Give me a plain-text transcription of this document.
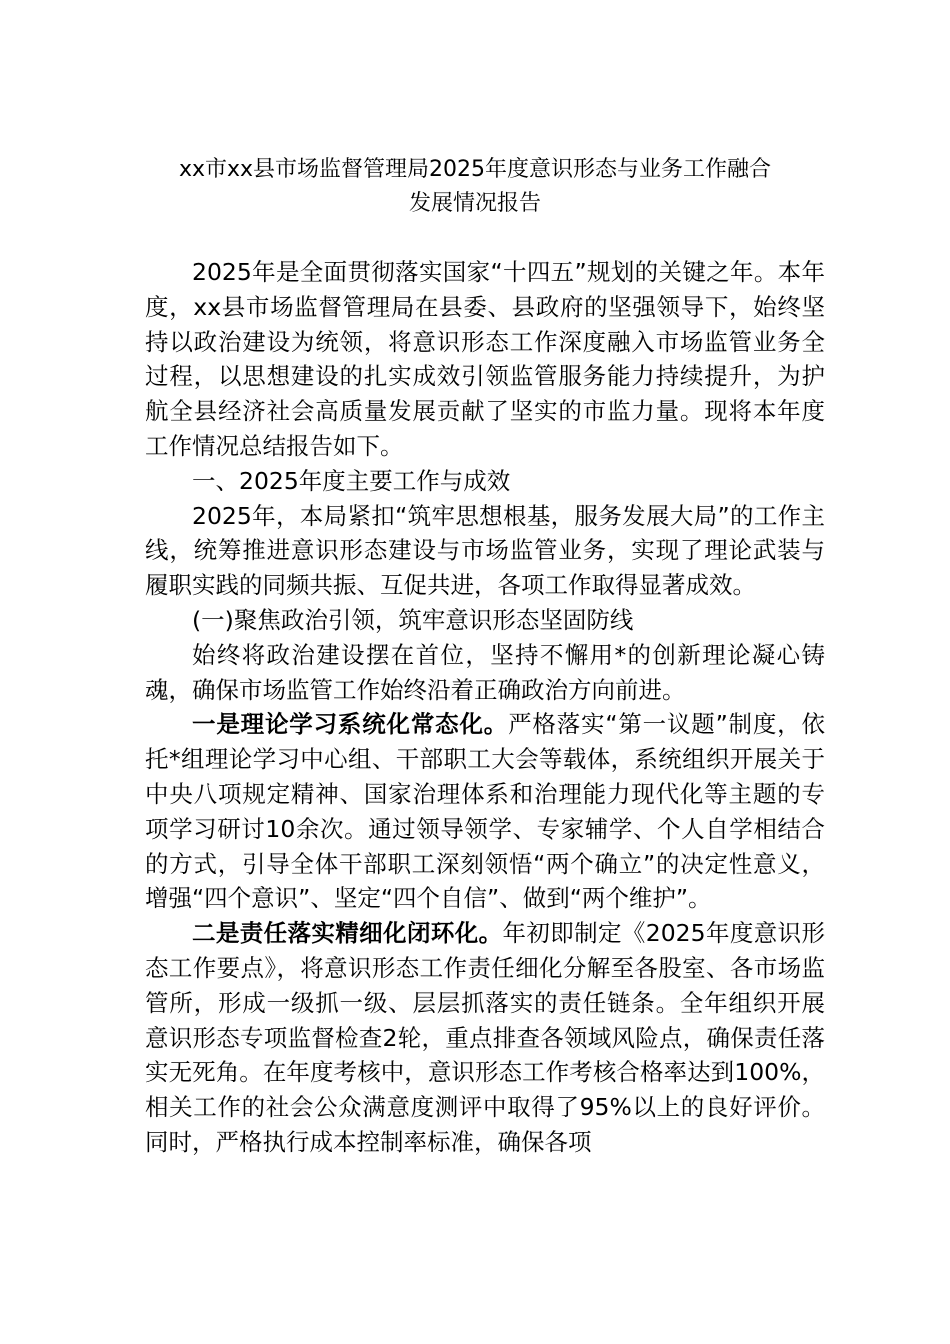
xx市xx县市场监督管理局2025年度意识形态与业务工作融合
发展情况报告

2025年是全面贯彻落实国家“十四五”规划的关键之年。本年度，xx县市场监督管理局在县委、县政府的坚强领导下，始终坚持以政治建设为统领，将意识形态工作深度融入市场监管业务全过程，以思想建设的扎实成效引领监管服务能力持续提升，为护航全县经济社会高质量发展贡献了坚实的市监力量。现将本年度工作情况总结报告如下。

一、2025年度主要工作与成效

2025年，本局紧扣“筑牢思想根基，服务发展大局”的工作主线，统筹推进意识形态建设与市场监管业务，实现了理论武装与履职实践的同频共振、互促共进，各项工作取得显著成效。

(一)聚焦政治引领，筑牢意识形态坚固防线

始终将政治建设摆在首位，坚持不懈用*的创新理论凝心铸魂，确保市场监管工作始终沿着正确政治方向前进。

一是理论学习系统化常态化。严格落实“第一议题”制度，依托*组理论学习中心组、干部职工大会等载体，系统组织开展关于中央八项规定精神、国家治理体系和治理能力现代化等主题的专项学习研讨10余次。通过领导领学、专家辅学、个人自学相结合的方式，引导全体干部职工深刻领悟“两个确立”的决定性意义，增强“四个意识”、坚定“四个自信”、做到“两个维护”。

二是责任落实精细化闭环化。年初即制定《2025年度意识形态工作要点》，将意识形态工作责任细化分解至各股室、各市场监管所，形成一级抓一级、层层抓落实的责任链条。全年组织开展意识形态专项监督检查2轮，重点排查各领域风险点，确保责任落实无死角。在年度考核中，意识形态工作考核合格率达到100%，相关工作的社会公众满意度测评中取得了95%以上的良好评价。同时，严格执行成本控制率标准，确保各项
